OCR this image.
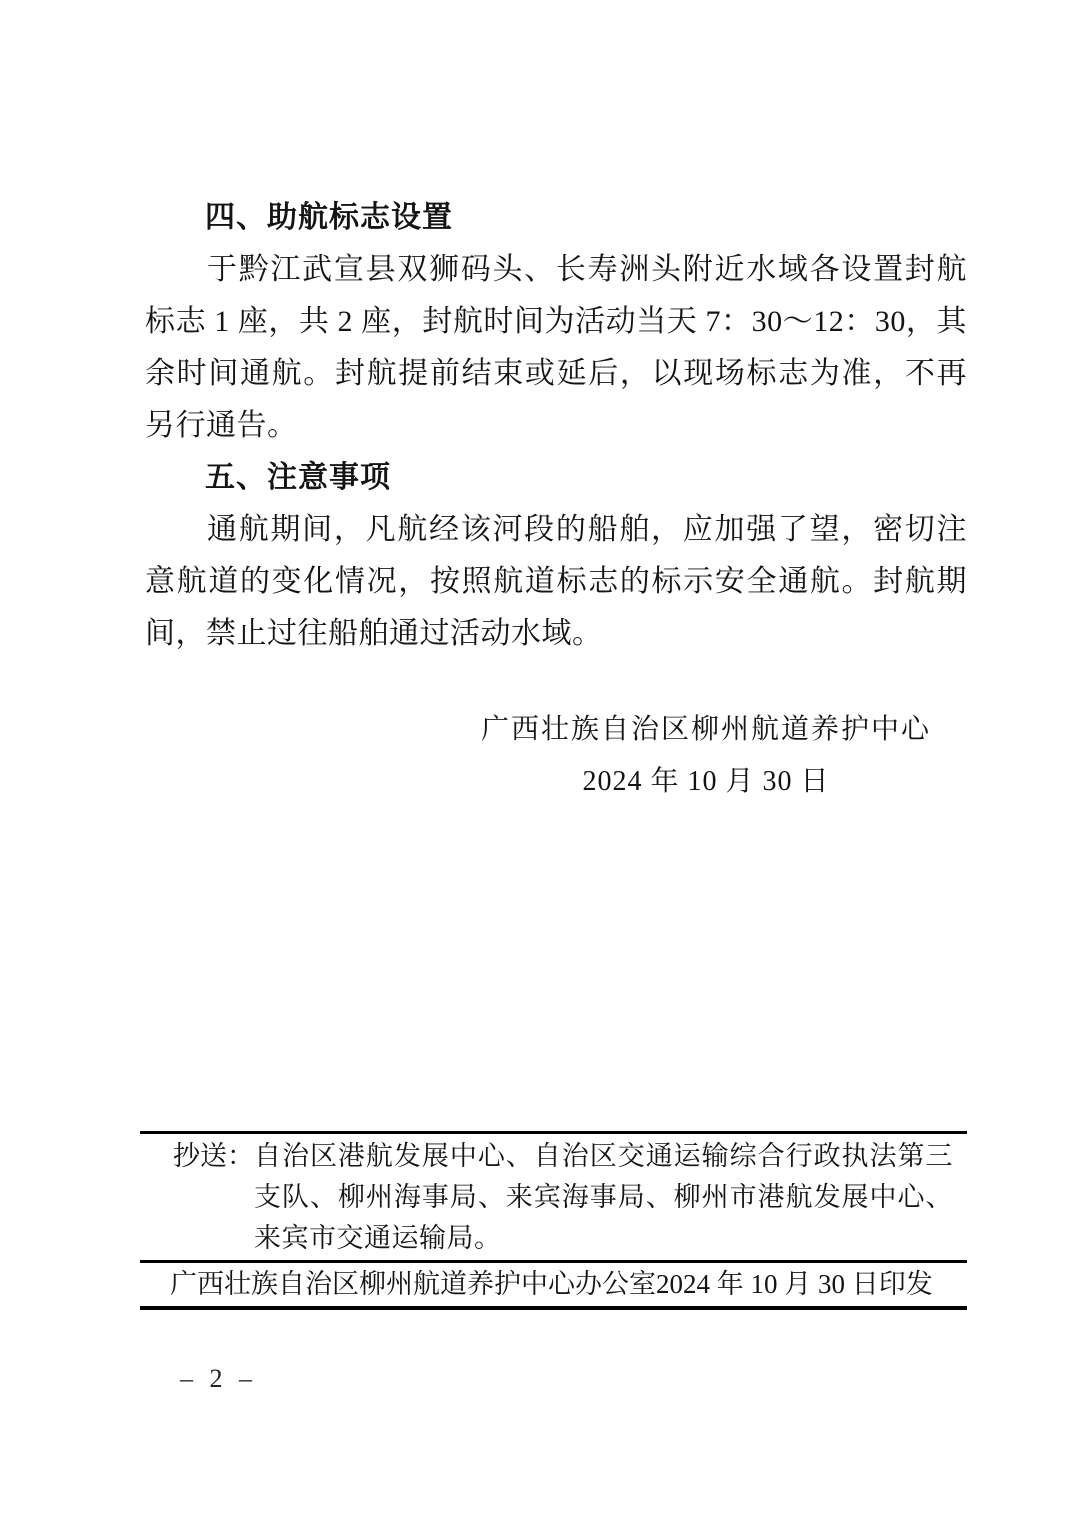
四、助航标志设置

于黔江武宣县双狮码头、长寿洲头附近水域各设置封航标志 1 座，共 2 座，封航时间为活动当天 7：30～12：30，其余时间通航。封航提前结束或延后，以现场标志为准，不再另行通告。

五、注意事项

通航期间，凡航经该河段的船舶，应加强了望，密切注意航道的变化情况，按照航道标志的标示安全通航。封航期间，禁止过往船舶通过活动水域。

广西壮族自治区柳州航道养护中心
2024 年 10 月 30 日
抄送： 自治区港航发展中心、自治区交通运输综合行政执法第三支队、柳州海事局、来宾海事局、柳州市港航发展中心、来宾市交通运输局。
广西壮族自治区柳州航道养护中心办公室 2024 年 10 月 30 日印发
– 2 –
